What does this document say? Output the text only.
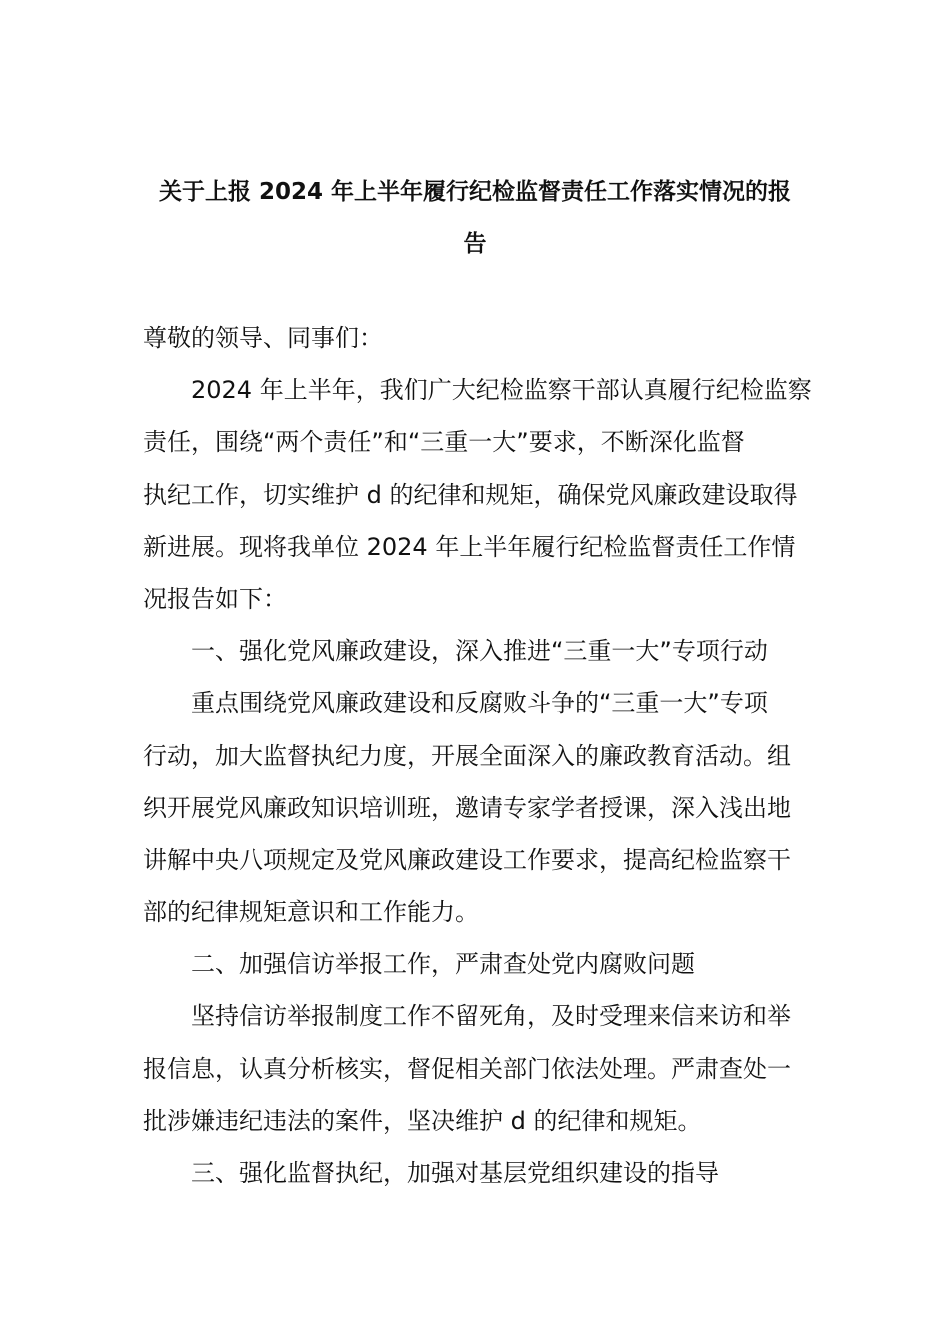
关于上报 2024 年上半年履行纪检监督责任工作落实情况的报
告
尊敬的领导、同事们：
2024 年上半年，我们广大纪检监察干部认真履行纪检监察
责任，围绕“两个责任”和“三重一大”要求，不断深化监督
执纪工作，切实维护 d 的纪律和规矩，确保党风廉政建设取得
新进展。现将我单位 2024 年上半年履行纪检监督责任工作情
况报告如下：
一、强化党风廉政建设，深入推进“三重一大”专项行动
重点围绕党风廉政建设和反腐败斗争的“三重一大”专项
行动，加大监督执纪力度，开展全面深入的廉政教育活动。组
织开展党风廉政知识培训班，邀请专家学者授课，深入浅出地
讲解中央八项规定及党风廉政建设工作要求，提高纪检监察干
部的纪律规矩意识和工作能力。
二、加强信访举报工作，严肃查处党内腐败问题
坚持信访举报制度工作不留死角，及时受理来信来访和举
报信息，认真分析核实，督促相关部门依法处理。严肃查处一
批涉嫌违纪违法的案件，坚决维护 d 的纪律和规矩。
三、强化监督执纪，加强对基层党组织建设的指导
